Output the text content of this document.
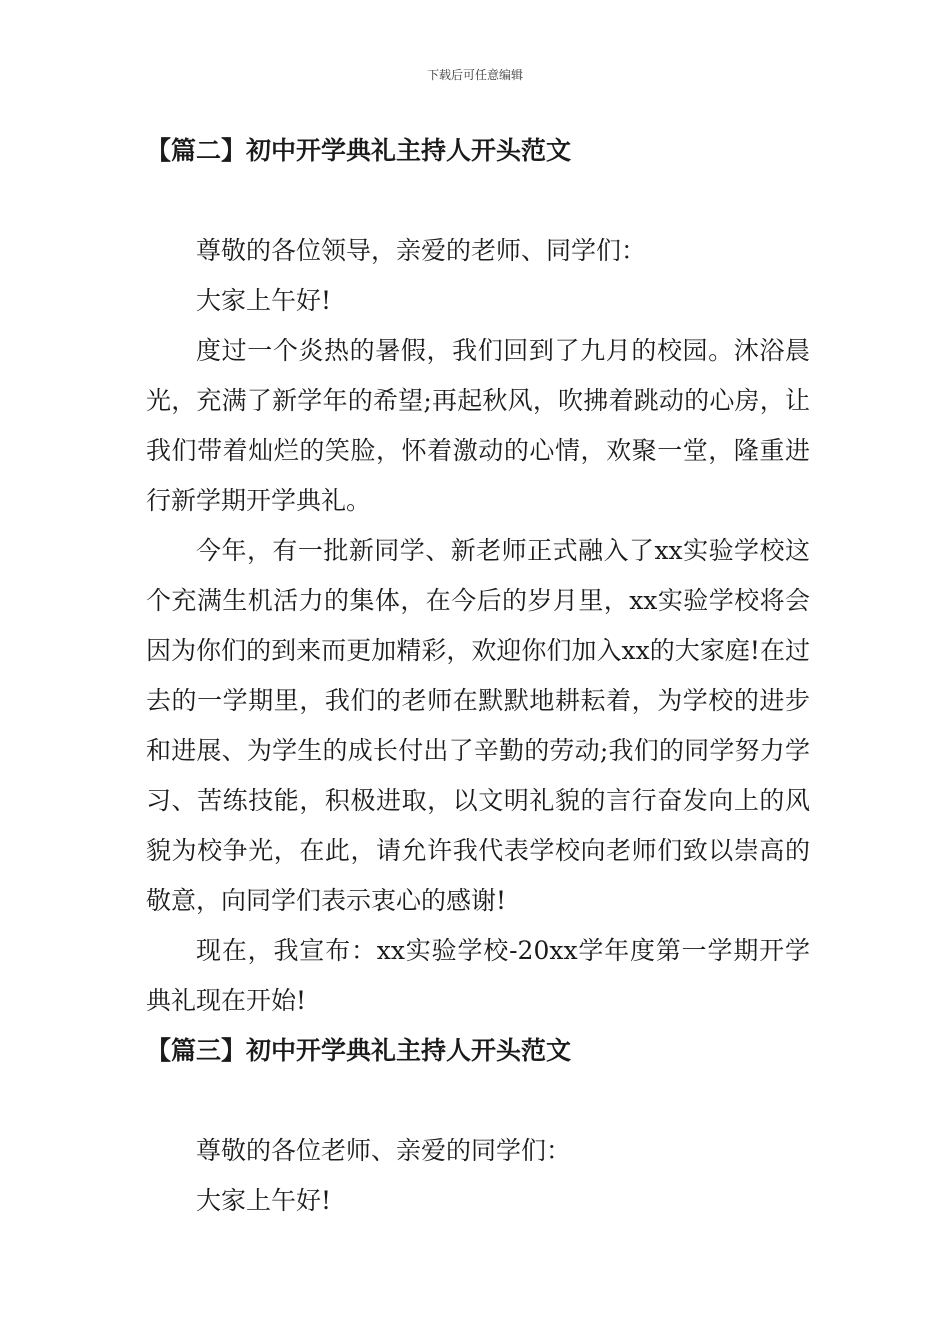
下载后可任意编辑
【篇二】初中开学典礼主持人开头范文

尊敬的各位领导，亲爱的老师、同学们：

大家上午好!

度过一个炎热的暑假，我们回到了九月的校园。沐浴晨光，充满了新学年的希望;再起秋风，吹拂着跳动的心房，让我们带着灿烂的笑脸，怀着激动的心情，欢聚一堂，隆重进行新学期开学典礼。

今年，有一批新同学、新老师正式融入了xx实验学校这个充满生机活力的集体，在今后的岁月里，xx实验学校将会因为你们的到来而更加精彩，欢迎你们加入xx的大家庭!在过去的一学期里，我们的老师在默默地耕耘着，为学校的进步和进展、为学生的成长付出了辛勤的劳动;我们的同学努力学习、苦练技能，积极进取，以文明礼貌的言行奋发向上的风貌为校争光，在此，请允许我代表学校向老师们致以崇高的敬意，向同学们表示衷心的感谢!

现在，我宣布：xx实验学校-20xx学年度第一学期开学典礼现在开始!

【篇三】初中开学典礼主持人开头范文

尊敬的各位老师、亲爱的同学们：

大家上午好!
